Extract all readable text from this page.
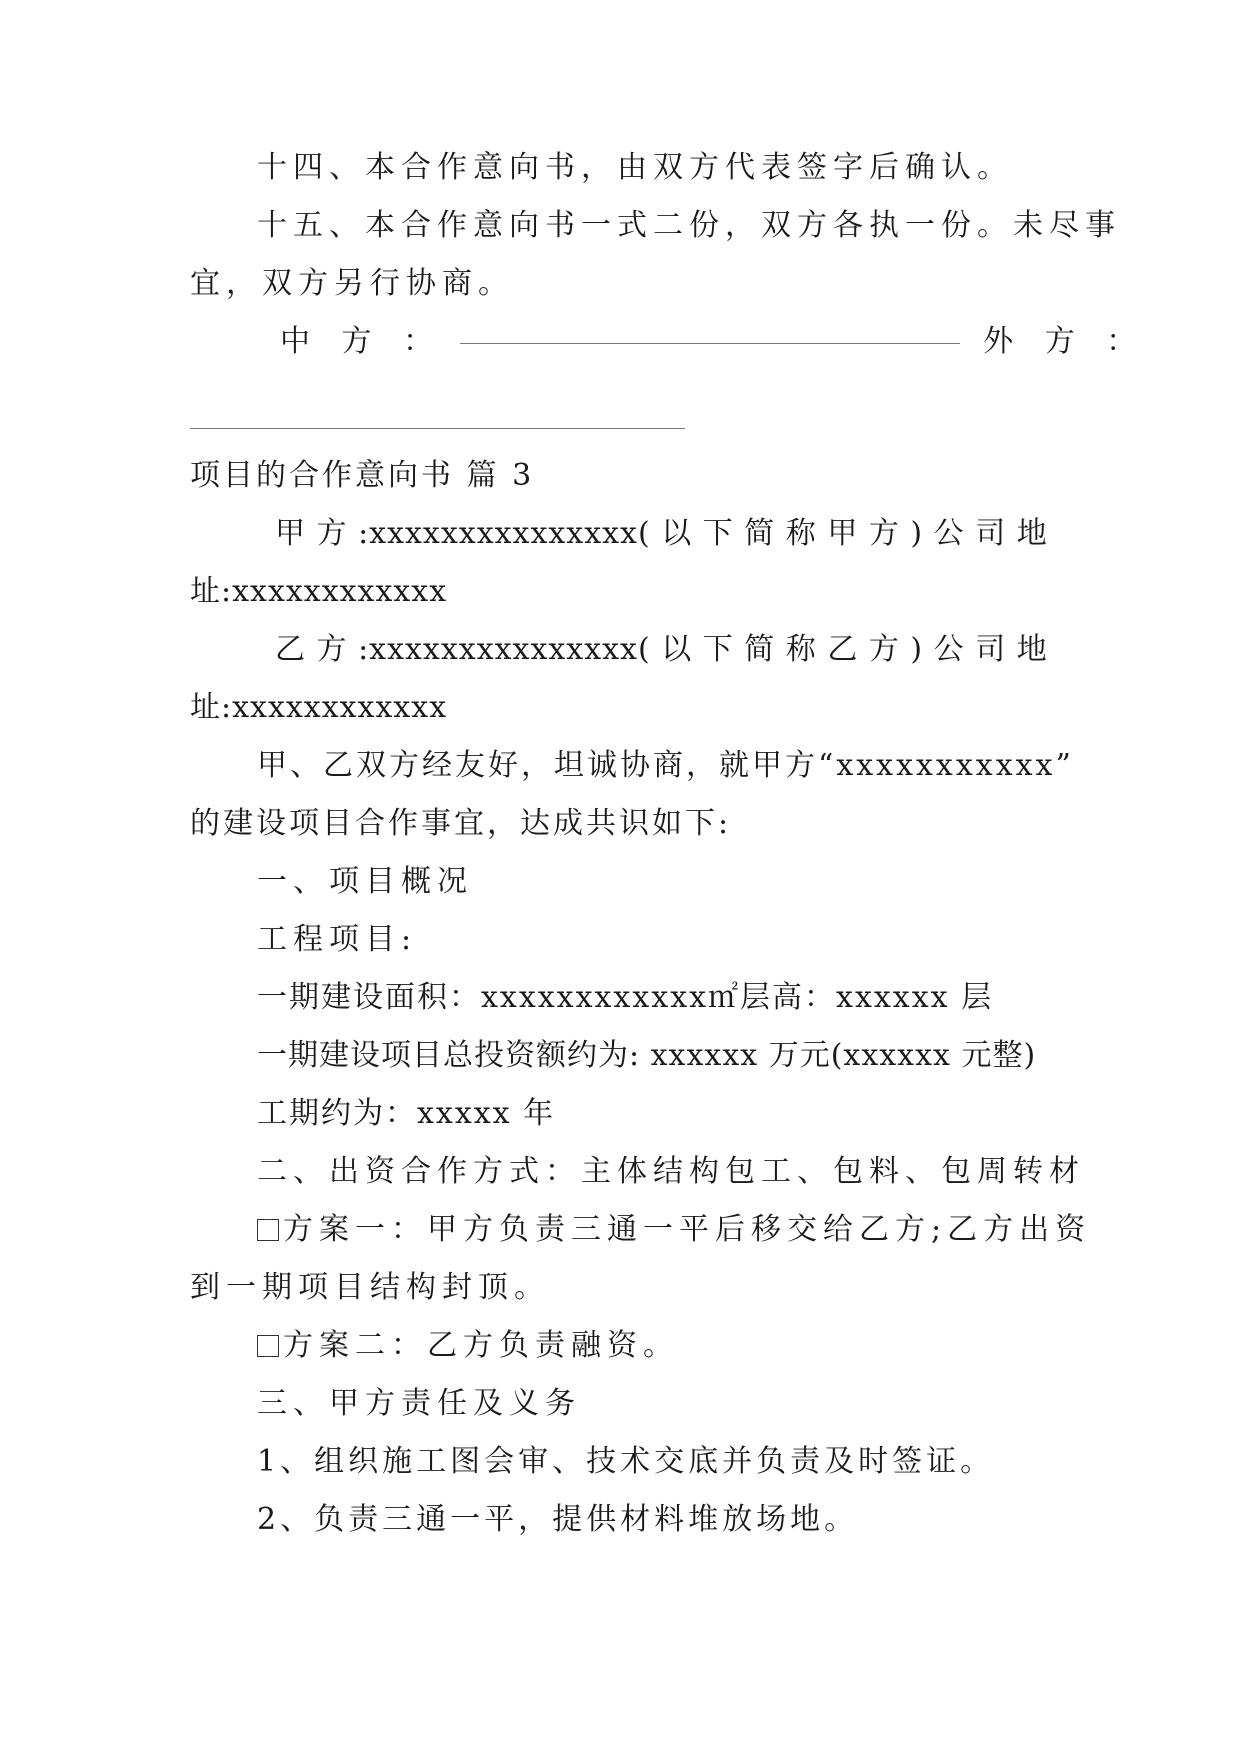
十四、本合作意向书，由双方代表签字后确认。
十五、本合作意向书一式二份，双方各执一份。未尽事
宜，双方另行协商。
中 方 ：	外 方 ：
项目的合作意向书 篇 3
甲 方 :xxxxxxxxxxxxxxx( 以 下 简 称 甲 方 ) 公 司 地
址:xxxxxxxxxxxx
乙 方 :xxxxxxxxxxxxxxx( 以 下 简 称 乙 方 ) 公 司 地
址:xxxxxxxxxxxx
甲、乙双方经友好，坦诚协商，就甲方“xxxxxxxxxxx”
的建设项目合作事宜，达成共识如下:
一、项目概况
工程项目:
一期建设面积：xxxxxxxxxxxx㎡层高：xxxxxx 层
一期建设项目总投资额约为: xxxxxx 万元(xxxxxx 元整)
工期约为：xxxxx 年
二、出资合作方式：主体结构包工、包料、包周转材
方案一：甲方负责三通一平后移交给乙方;乙方出资
到一期项目结构封顶。
方案二：乙方负责融资。
三、甲方责任及义务
1、组织施工图会审、技术交底并负责及时签证。
2、负责三通一平，提供材料堆放场地。
